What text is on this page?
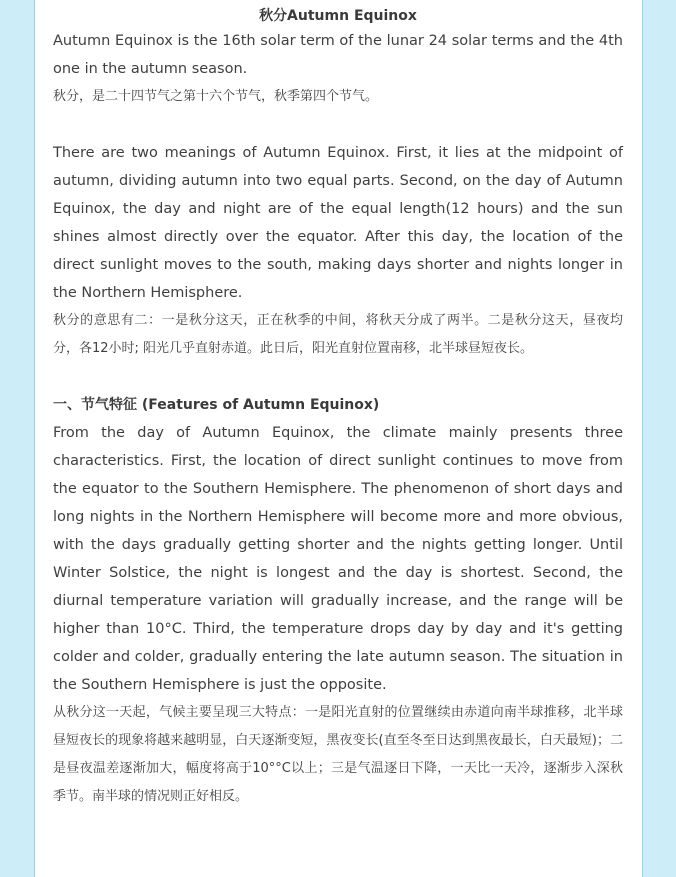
秋分Autumn Equinox

Autumn Equinox is the 16th solar term of the lunar 24 solar terms and the 4th one in the autumn season.

秋分，是二十四节气之第十六个节气，秋季第四个节气。

There are two meanings of Autumn Equinox. First, it lies at the midpoint of autumn, dividing autumn into two equal parts. Second, on the day of Autumn Equinox, the day and night are of the equal length(12 hours) and the sun shines almost directly over the equator. After this day, the location of the direct sunlight moves to the south, making days shorter and nights longer in the Northern Hemisphere.

秋分的意思有二：一是秋分这天，正在秋季的中间，将秋天分成了两半。二是秋分这天，昼夜均分，各12小时; 阳光几乎直射赤道。此日后，阳光直射位置南移，北半球昼短夜长。

一、节气特征 (Features of Autumn Equinox)

From the day of Autumn Equinox, the climate mainly presents three characteristics. First, the location of direct sunlight continues to move from the equator to the Southern Hemisphere. The phenomenon of short days and long nights in the Northern Hemisphere will become more and more obvious, with the days gradually getting shorter and the nights getting longer. Until Winter Solstice, the night is longest and the day is shortest. Second, the diurnal temperature variation will gradually increase, and the range will be higher than 10°C. Third, the temperature drops day by day and it's getting colder and colder, gradually entering the late autumn season. The situation in the Southern Hemisphere is just the opposite.

从秋分这一天起，气候主要呈现三大特点：一是阳光直射的位置继续由赤道向南半球推移，北半球昼短夜长的现象将越来越明显，白天逐渐变短，黑夜变长(直至冬至日达到黑夜最长，白天最短)；二是昼夜温差逐渐加大，幅度将高于10°°C以上；三是气温逐日下降，一天比一天冷，逐渐步入深秋季节。南半球的情况则正好相反。
